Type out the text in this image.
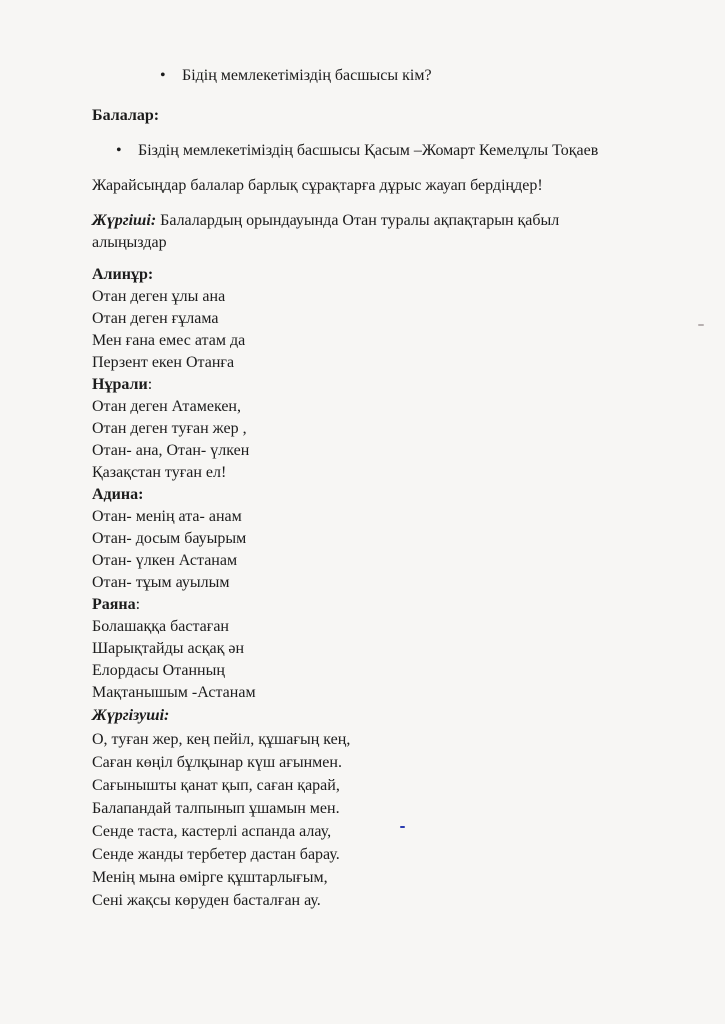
• Бідің мемлекетіміздің басшысы кім?
Балалар:
• Біздің мемлекетіміздің басшысы Қасым –Жомарт Кемелұлы Тоқаев
Жарайсыңдар балалар барлық сұрақтарға дұрыс жауап бердіңдер!
Жүргіші: Балалардың орындауында Отан туралы ақпақтарын қабыл
алыңыздар
Алинұр:
Отан деген ұлы ана
Отан деген ғұлама
Мен ғана емес атам да
Перзент екен Отанға
Нұрали:
Отан деген Атамекен,
Отан деген туған жер ,
Отан- ана, Отан- үлкен
Қазақстан туған ел!
Адина:
Отан- менің ата- анам
Отан- досым бауырым
Отан- үлкен Астанам
Отан- тұым ауылым
Раяна:
Болашаққа бастаған
Шарықтайды асқақ ән
Елордасы Отанның
Мақтанышым -Астанам
Жүргізуші:
О, туған жер, кең пейіл, құшағың кең,
Саған көңіл бұлқынар күш ағынмен.
Сағынышты қанат қып, саған қарай,
Балапандай талпынып ұшамын мен.
Сенде таста, кастерлі аспанда алау,
Сенде жанды тербетер дастан барау.
Менің мына өмірге құштарлығым,
Сені жақсы көруден басталған ау.
